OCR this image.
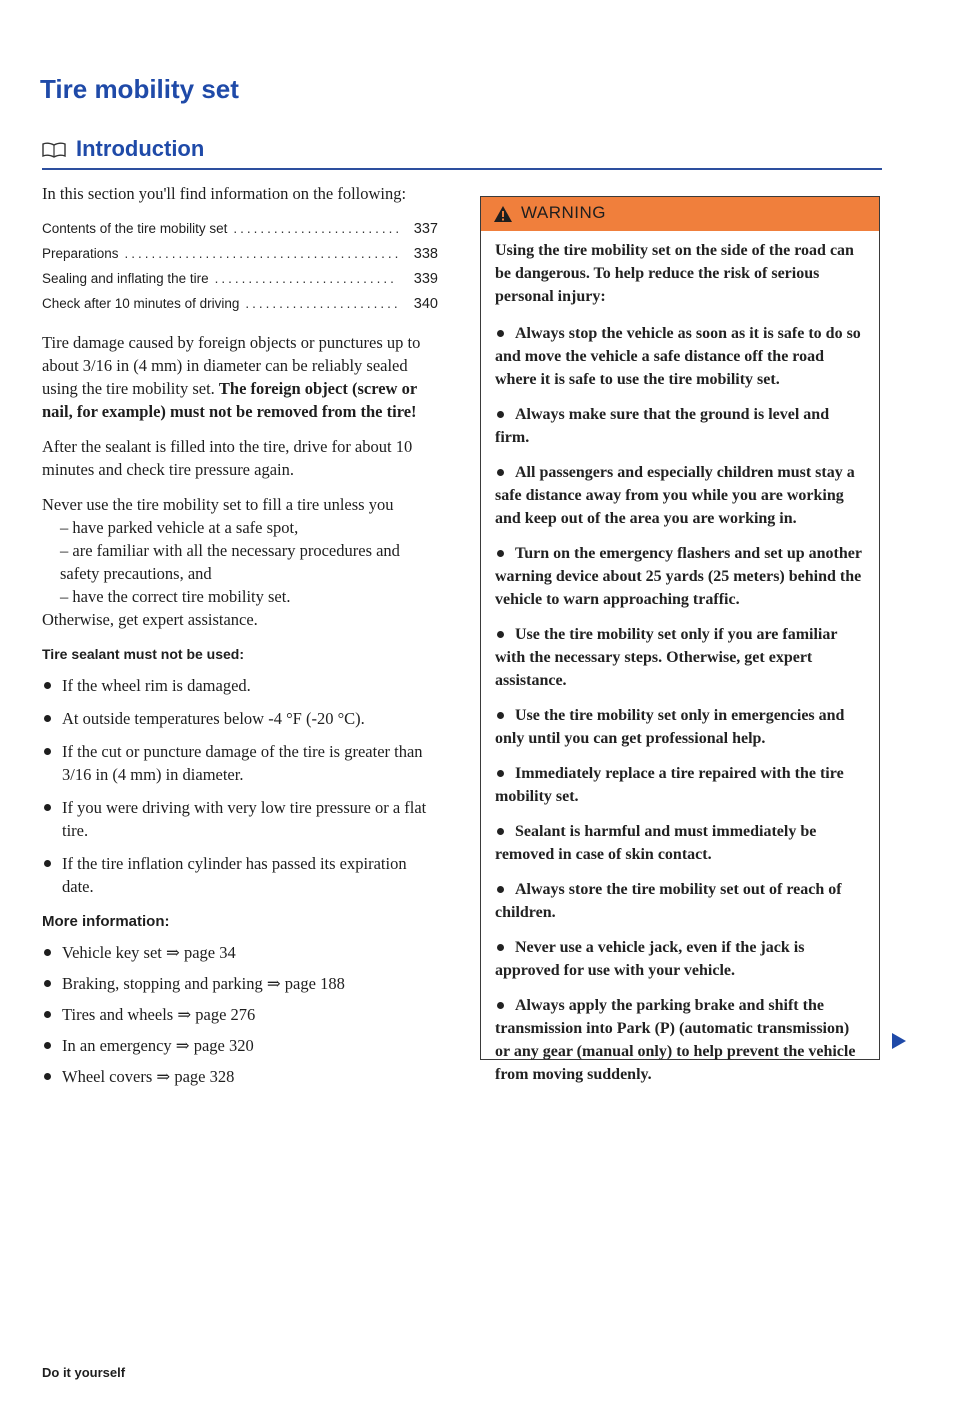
Tire mobility set
Introduction

In this section you'll find information on the following:

Contents of the tire mobility set .....	337
Preparations .....	338
Sealing and inflating the tire .....	339
Check after 10 minutes of driving .....	340

Tire damage caused by foreign objects or punctures up to about 3/16 in (4 mm) in diameter can be reliably sealed using the tire mobility set. The foreign object (screw or nail, for example) must not be removed from the tire!

After the sealant is filled into the tire, drive for about 10 minutes and check tire pressure again.

Never use the tire mobility set to fill a tire unless you
– have parked vehicle at a safe spot,
– are familiar with all the necessary procedures and safety precautions, and
– have the correct tire mobility set.
Otherwise, get expert assistance.
Tire sealant must not be used:
If the wheel rim is damaged.
At outside temperatures below -4 °F (-20 °C).
If the cut or puncture damage of the tire is greater than 3/16 in (4 mm) in diameter.
If you were driving with very low tire pressure or a flat tire.
If the tire inflation cylinder has passed its expiration date.
More information:
Vehicle key set ⇒ page 34
Braking, stopping and parking ⇒ page 188
Tires and wheels ⇒ page 276
In an emergency ⇒ page 320
Wheel covers ⇒ page 328
WARNING

Using the tire mobility set on the side of the road can be dangerous. To help reduce the risk of serious personal injury:

Always stop the vehicle as soon as it is safe to do so and move the vehicle a safe distance off the road where it is safe to use the tire mobility set.
Always make sure that the ground is level and firm.
All passengers and especially children must stay a safe distance away from you while you are working and keep out of the area you are working in.
Turn on the emergency flashers and set up another warning device about 25 yards (25 meters) behind the vehicle to warn approaching traffic.
Use the tire mobility set only if you are familiar with the necessary steps. Otherwise, get expert assistance.
Use the tire mobility set only in emergencies and only until you can get professional help.
Immediately replace a tire repaired with the tire mobility set.
Sealant is harmful and must immediately be removed in case of skin contact.
Always store the tire mobility set out of reach of children.
Never use a vehicle jack, even if the jack is approved for use with your vehicle.
Always apply the parking brake and shift the transmission into Park (P) (automatic transmission) or any gear (manual only) to help prevent the vehicle from moving suddenly.
Do it yourself
